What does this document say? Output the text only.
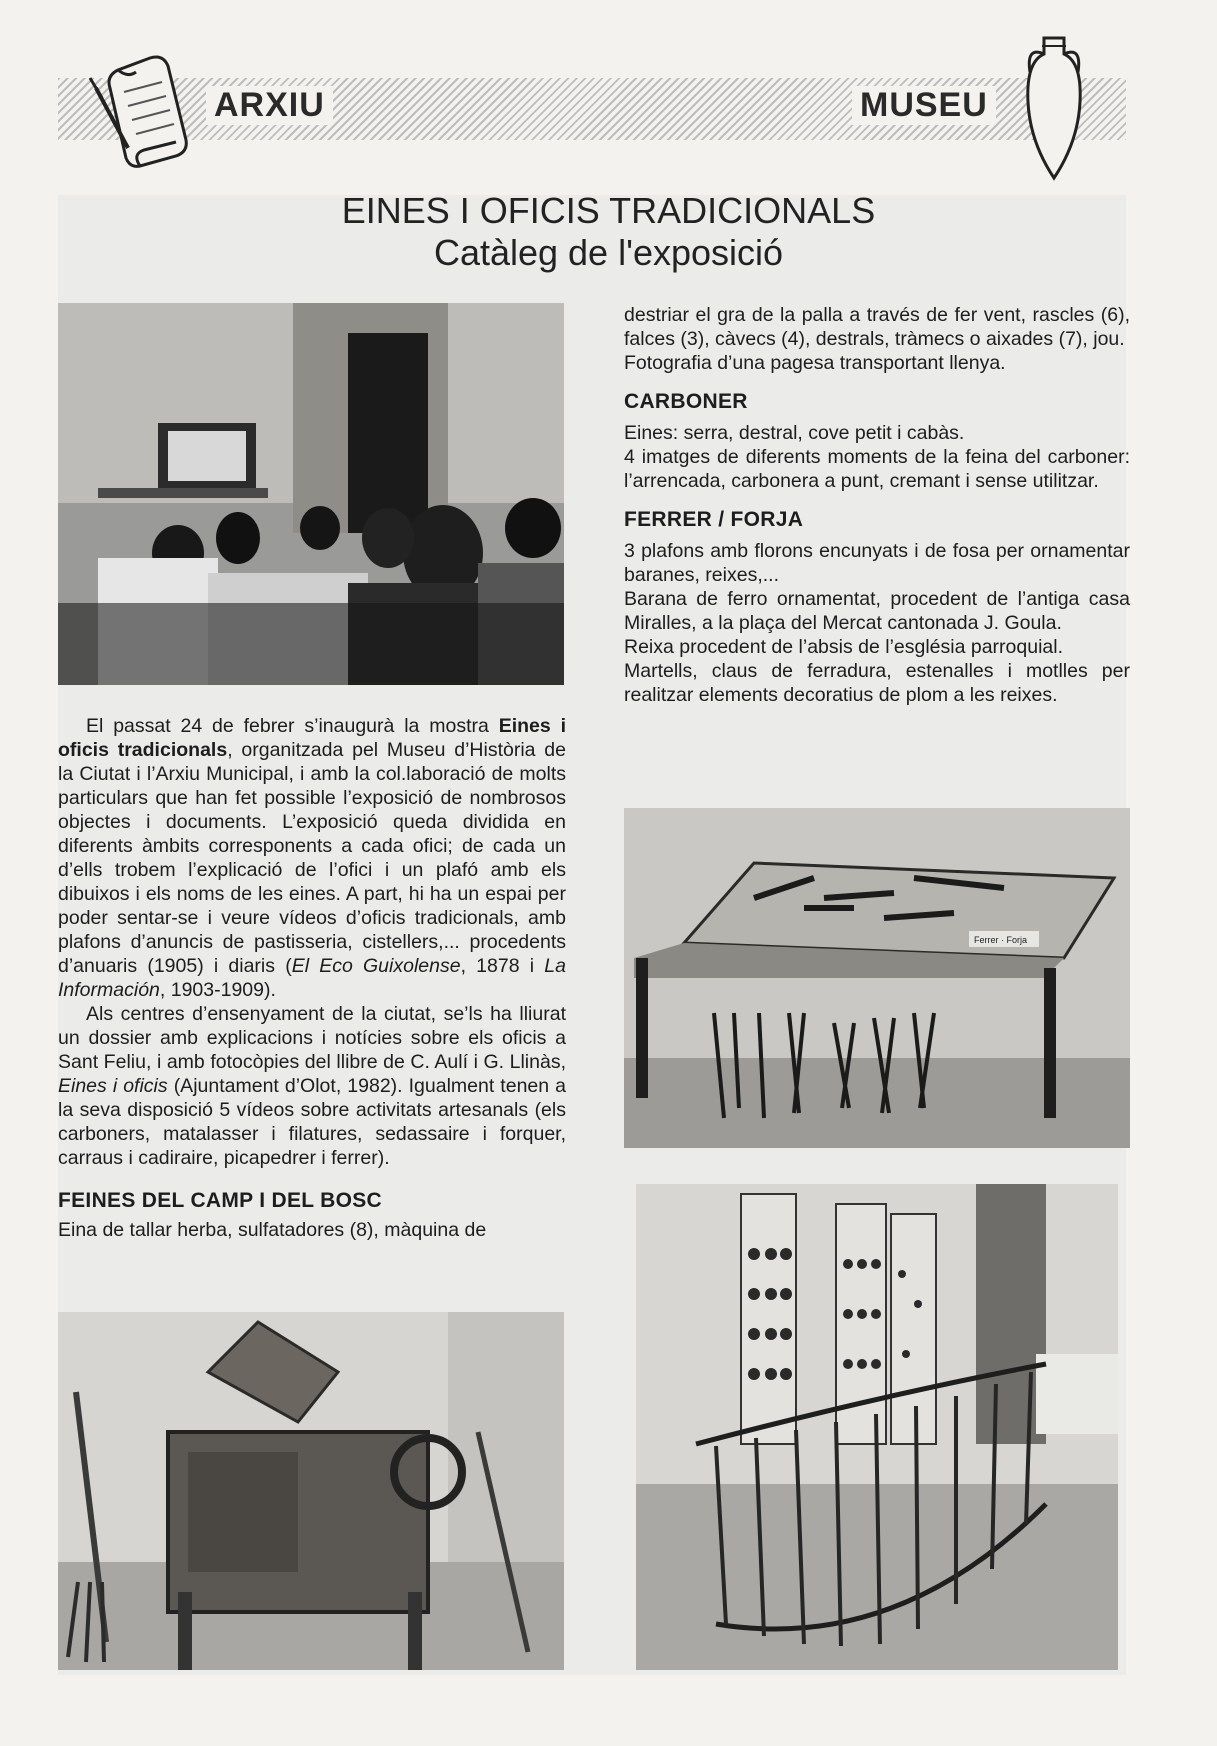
ARXIU	MUSEU
EINES I OFICIS TRADICIONALS
Catàleg de l'exposició

El passat 24 de febrer s’inaugurà la mostra Eines i oficis tradicionals, organitzada pel Museu d’Història de la Ciutat i l’Arxiu Municipal, i amb la col.laboració de molts particulars que han fet possible l’exposició de nombrosos objectes i documents. L’exposició queda dividida en diferents àmbits corresponents a cada ofici; de cada un d’ells trobem l’explicació de l’ofici i un plafó amb els dibuixos i els noms de les eines. A part, hi ha un espai per poder sentar-se i veure vídeos d’oficis tradicionals, amb plafons d’anuncis de pastisseria, cistellers,... procedents d’anuaris (1905) i diaris (El Eco Guixolense, 1878 i La Información, 1903-1909).

Als centres d’ensenyament de la ciutat, se’ls ha lliurat un dossier amb explicacions i notícies sobre els oficis a Sant Feliu, i amb fotocòpies del llibre de C. Aulí i G. Llinàs, Eines i oficis (Ajuntament d’Olot, 1982). Igualment tenen a la seva disposició 5 vídeos sobre activitats artesanals (els carboners, matalasser i filatures, sedassaire i forquer, carraus i cadiraire, picapedrer i ferrer).

FEINES DEL CAMP I DEL BOSC

Eina de tallar herba, sulfatadores (8), màquina de

destriar el gra de la palla a través de fer vent, rascles (6), falces (3), càvecs (4), destrals, tràmecs o aixades (7), jou.

Fotografia d’una pagesa transportant llenya.

CARBONER

Eines: serra, destral, cove petit i cabàs.

4 imatges de diferents moments de la feina del carboner: l’arrencada, carbonera a punt, cremant i sense utilitzar.

FERRER / FORJA

3 plafons amb florons encunyats i de fosa per ornamentar baranes, reixes,...

Barana de ferro ornamentat, procedent de l’antiga casa Miralles, a la plaça del Mercat cantonada J. Goula.

Reixa procedent de l’absis de l’església parroquial.

Martells, claus de ferradura, estenalles i motlles per realitzar elements decoratius de plom a les reixes.

Ferrer · Forja
